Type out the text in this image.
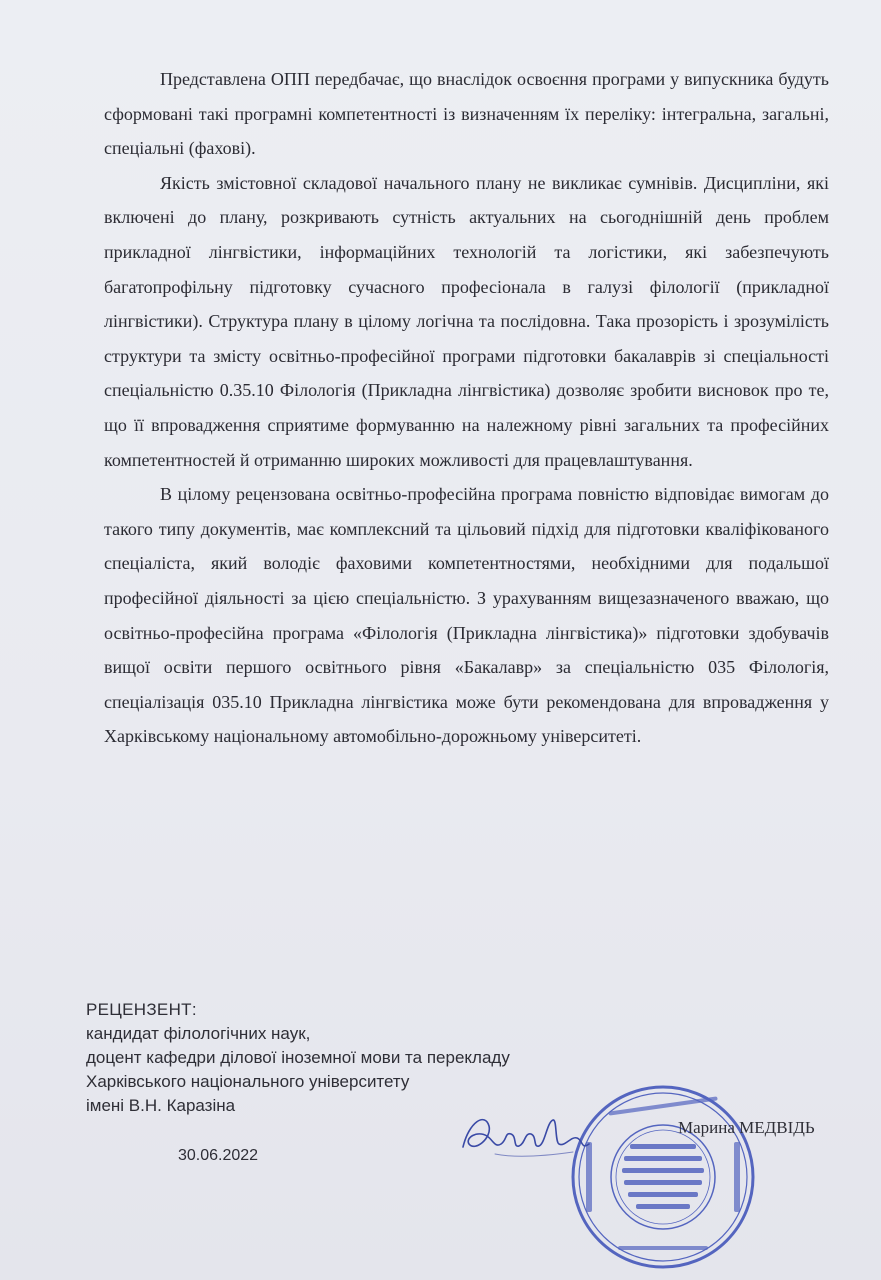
Представлена ОПП передбачає, що внаслідок освоєння програми у випускника будуть сформовані такі програмні компетентності із визначенням їх переліку: інтегральна, загальні, спеціальні (фахові).

Якість змістовної складової начального плану не викликає сумнівів. Дисципліни, які включені до плану, розкривають сутність актуальних на сьогоднішній день проблем прикладної лінгвістики, інформаційних технологій та логістики, які забезпечують багатопрофільну підготовку сучасного професіонала в галузі філології (прикладної лінгвістики). Структура плану в цілому логічна та послідовна. Така прозорість і зрозумілість структури та змісту освітньо-професійної програми підготовки бакалаврів зі спеціальності спеціальністю 0.35.10 Філологія (Прикладна лінгвістика) дозволяє зробити висновок про те, що її впровадження сприятиме формуванню на належному рівні загальних та професійних компетентностей й отриманню широких можливості для працевлаштування.

В цілому рецензована освітньо-професійна програма повністю відповідає вимогам до такого типу документів, має комплексний та цільовий підхід для підготовки кваліфікованого спеціаліста, який володіє фаховими компетентностями, необхідними для подальшої професійної діяльності за цією спеціальністю. З урахуванням вищезазначеного вважаю, що освітньо-професійна програма «Філологія (Прикладна лінгвістика)» підготовки здобувачів вищої освіти першого освітнього рівня «Бакалавр» за спеціальністю 035 Філологія, спеціалізація 035.10 Прикладна лінгвістика може бути рекомендована для впровадження у Харківському національному автомобільно-дорожньому університеті.

РЕЦЕНЗЕНТ:
кандидат філологічних наук,
доцент кафедри ділової іноземної мови та перекладу
Харківського національного університету
імені В.Н. Каразіна
30.06.2022
Марина МЕДВІДЬ
